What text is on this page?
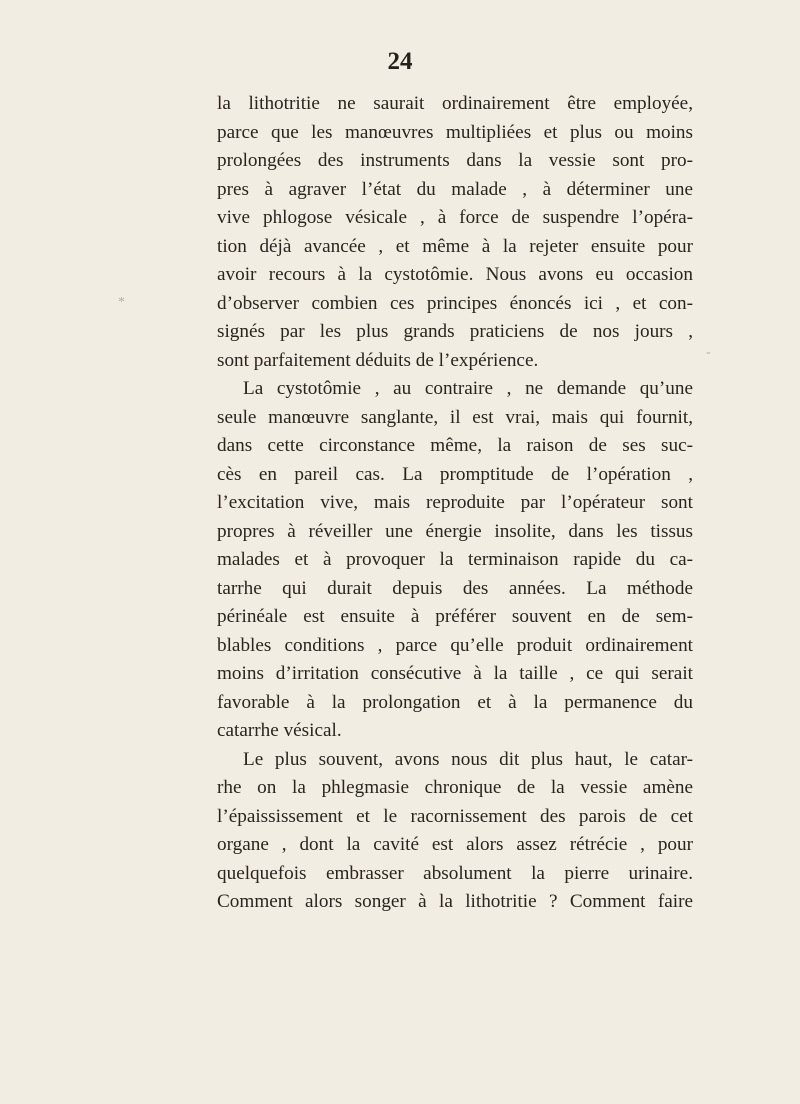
24
*
-
la lithotritie ne saurait ordinairement être employée,
parce que les manœuvres multipliées et plus ou moins
prolongées des instruments dans la vessie sont pro-
pres à agraver l’état du malade , à déterminer une
vive phlogose vésicale , à force de suspendre l’opéra-
tion déjà avancée , et même à la rejeter ensuite pour
avoir recours à la cystotômie. Nous avons eu occasion
d’observer combien ces principes énoncés ici , et con-
signés par les plus grands praticiens de nos jours ,
sont parfaitement déduits de l’expérience.
La cystotômie , au contraire , ne demande qu’une
seule manœuvre sanglante, il est vrai, mais qui fournit,
dans cette circonstance même, la raison de ses suc-
cès en pareil cas. La promptitude de l’opération ,
l’excitation vive, mais reproduite par l’opérateur sont
propres à réveiller une énergie insolite, dans les tissus
malades et à provoquer la terminaison rapide du ca-
tarrhe qui durait depuis des années. La méthode
périnéale est ensuite à préférer souvent en de sem-
blables conditions , parce qu’elle produit ordinairement
moins d’irritation consécutive à la taille , ce qui serait
favorable à la prolongation et à la permanence du
catarrhe vésical.
Le plus souvent, avons nous dit plus haut, le catar-
rhe on la phlegmasie chronique de la vessie amène
l’épaississement et le racornissement des parois de cet
organe , dont la cavité est alors assez rétrécie , pour
quelquefois embrasser absolument la pierre urinaire.
Comment alors songer à la lithotritie ? Comment faire
